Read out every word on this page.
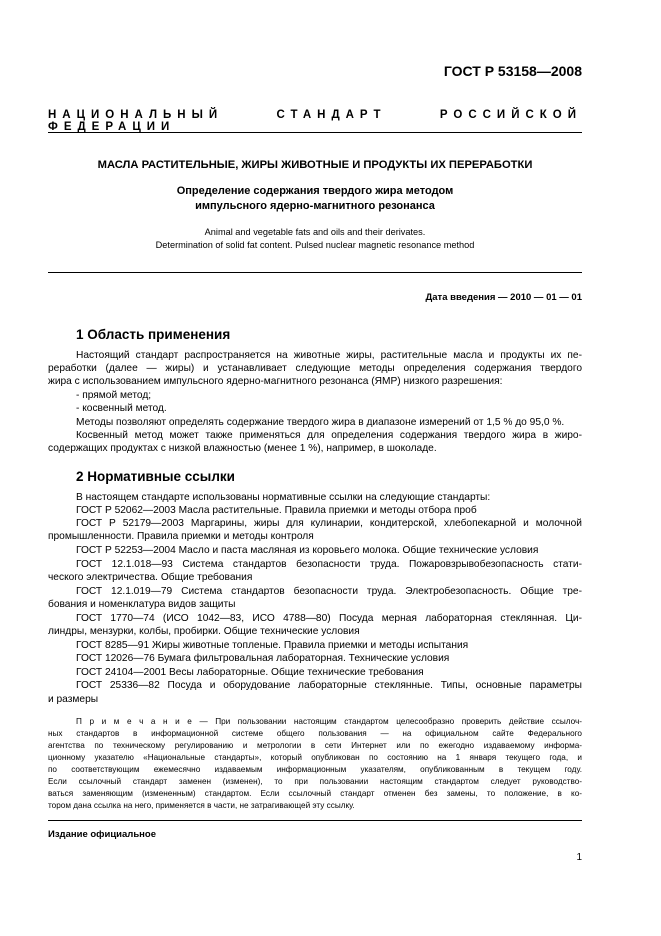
ГОСТ Р 53158—2008
НАЦИОНАЛЬНЫЙ СТАНДАРТ РОССИЙСКОЙ ФЕДЕРАЦИИ
МАСЛА РАСТИТЕЛЬНЫЕ, ЖИРЫ ЖИВОТНЫЕ И ПРОДУКТЫ ИХ ПЕРЕРАБОТКИ
Определение содержания твердого жира методом
импульсного ядерно-магнитного резонанса
Animal and vegetable fats and oils and their derivates.
Determination of solid fat content. Pulsed nuclear magnetic resonance method
Дата введения — 2010 — 01 — 01
1 Область применения
Настоящий стандарт распространяется на животные жиры, растительные масла и продукты их пе-
реработки (далее — жиры) и устанавливает следующие методы определения содержания твердого
жира с использованием импульсного ядерно-магнитного резонанса (ЯМР) низкого разрешения:
- прямой метод;
- косвенный метод.
Методы позволяют определять содержание твердого жира в диапазоне измерений от 1,5 % до 95,0 %.
Косвенный метод может также применяться для определения содержания твердого жира в жиро-
содержащих продуктах с низкой влажностью (менее 1 %), например, в шоколаде.
2 Нормативные ссылки
В настоящем стандарте использованы нормативные ссылки на следующие стандарты:
ГОСТ Р 52062—2003 Масла растительные. Правила приемки и методы отбора проб
ГОСТ Р 52179—2003 Маргарины, жиры для кулинарии, кондитерской, хлебопекарной и молочной
промышленности. Правила приемки и методы контроля
ГОСТ Р 52253—2004 Масло и паста масляная из коровьего молока. Общие технические условия
ГОСТ 12.1.018—93 Система стандартов безопасности труда. Пожаровзрывобезопасность стати-
ческого электричества. Общие требования
ГОСТ 12.1.019—79 Система стандартов безопасности труда. Электробезопасность. Общие тре-
бования и номенклатура видов защиты
ГОСТ 1770—74 (ИСО 1042—83, ИСО 4788—80) Посуда мерная лабораторная стеклянная. Ци-
линдры, мензурки, колбы, пробирки. Общие технические условия
ГОСТ 8285—91 Жиры животные топленые. Правила приемки и методы испытания
ГОСТ 12026—76 Бумага фильтровальная лабораторная. Технические условия
ГОСТ 24104—2001 Весы лабораторные. Общие технические требования
ГОСТ 25336—82 Посуда и оборудование лабораторные стеклянные. Типы, основные параметры
и размеры
П р и м е ч а н и е — При пользовании настоящим стандартом целесообразно проверить действие ссылоч-
ных стандартов в информационной системе общего пользования — на официальном сайте Федерального
агентства по техническому регулированию и метрологии в сети Интернет или по ежегодно издаваемому информа-
ционному указателю «Национальные стандарты», который опубликован по состоянию на 1 января текущего года, и
по соответствующим ежемесячно издаваемым информационным указателям, опубликованным в текущем году.
Если ссылочный стандарт заменен (изменен), то при пользовании настоящим стандартом следует руководство-
ваться заменяющим (измененным) стандартом. Если ссылочный стандарт отменен без замены, то положение, в ко-
тором дана ссылка на него, применяется в части, не затрагивающей эту ссылку.
Издание официальное
1
